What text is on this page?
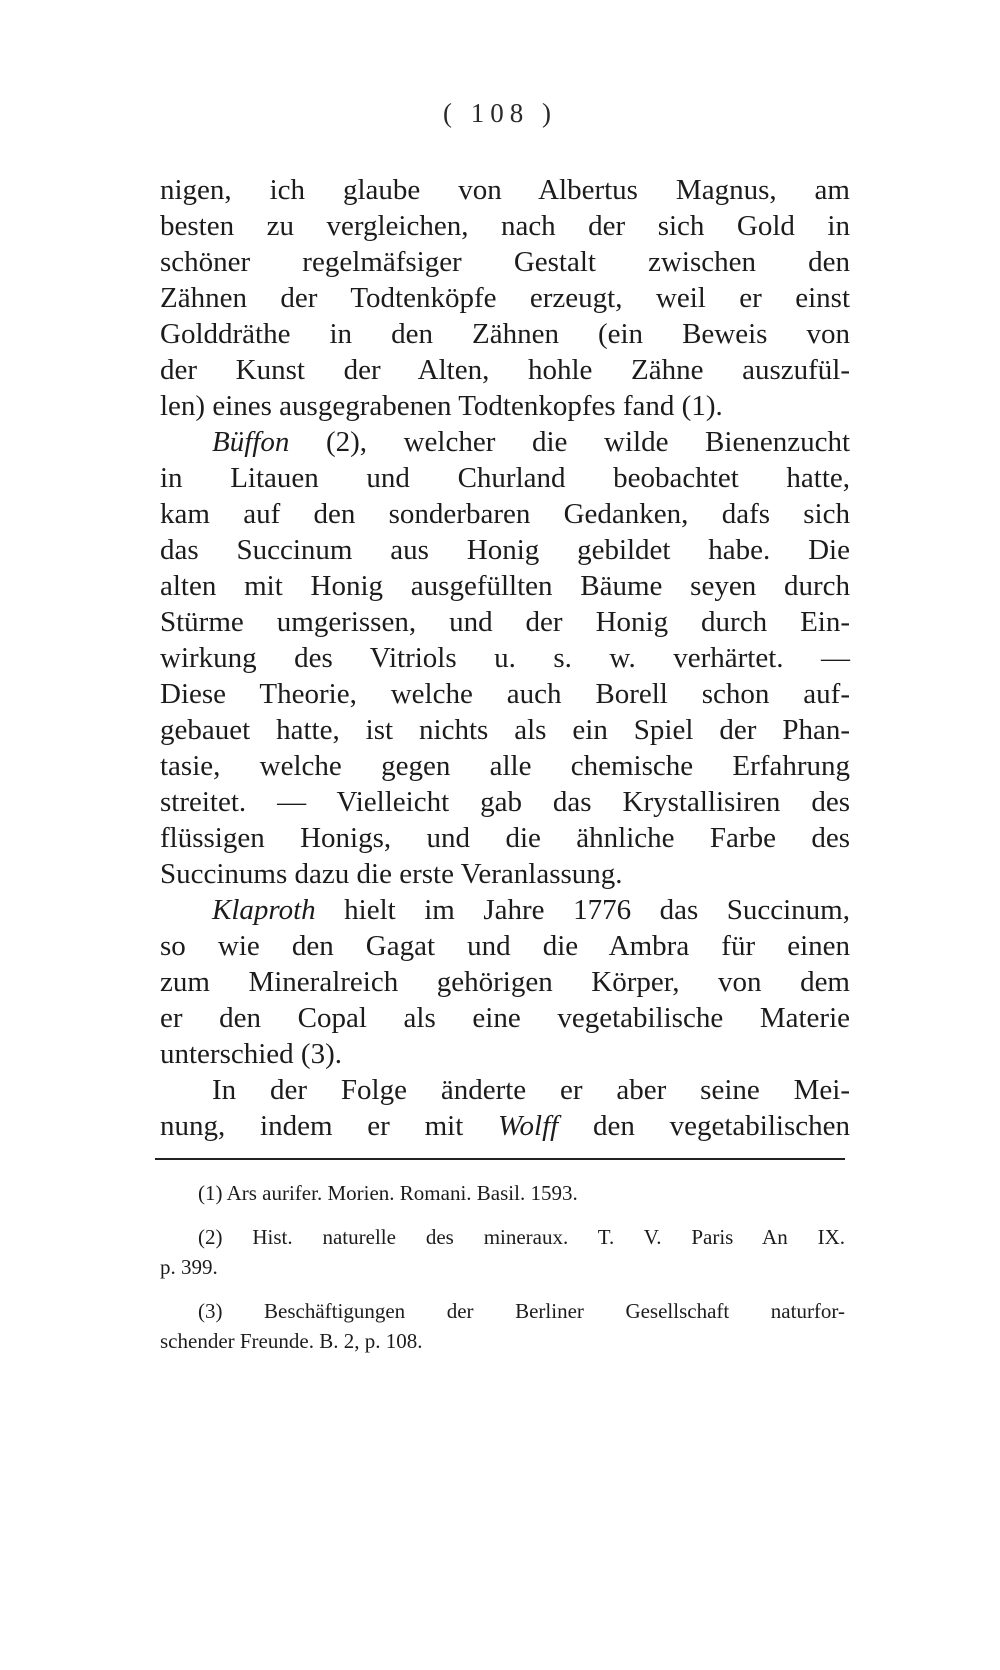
( 108 )
nigen, ich glaube von Albertus Magnus, am
besten zu vergleichen, nach der sich Gold in
schöner regelmäfsiger Gestalt zwischen den
Zähnen der Todtenköpfe erzeugt, weil er einst
Golddräthe in den Zähnen (ein Beweis von
der Kunst der Alten, hohle Zähne auszufül-
len) eines ausgegrabenen Todtenkopfes fand (1).
Büffon (2), welcher die wilde Bienenzucht
in Litauen und Churland beobachtet hatte,
kam auf den sonderbaren Gedanken, dafs sich
das Succinum aus Honig gebildet habe. Die
alten mit Honig ausgefüllten Bäume seyen durch
Stürme umgerissen, und der Honig durch Ein-
wirkung des Vitriols u. s. w. verhärtet. —
Diese Theorie, welche auch Borell schon auf-
gebauet hatte, ist nichts als ein Spiel der Phan-
tasie, welche gegen alle chemische Erfahrung
streitet. — Vielleicht gab das Krystallisiren des
flüssigen Honigs, und die ähnliche Farbe des
Succinums dazu die erste Veranlassung.
Klaproth hielt im Jahre 1776 das Succinum,
so wie den Gagat und die Ambra für einen
zum Mineralreich gehörigen Körper, von dem
er den Copal als eine vegetabilische Materie
unterschied (3).
In der Folge änderte er aber seine Mei-
nung, indem er mit Wolff den vegetabilischen
(1) Ars aurifer. Morien. Romani. Basil. 1593.
(2) Hist. naturelle des mineraux. T. V. Paris An IX.
p. 399.
(3) Beschäftigungen der Berliner Gesellschaft naturfor-
schender Freunde. B. 2, p. 108.
